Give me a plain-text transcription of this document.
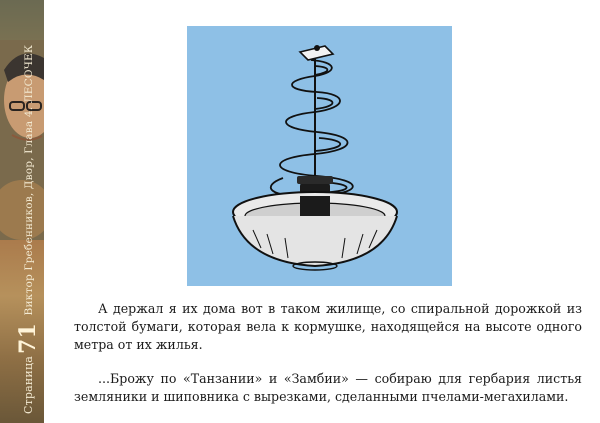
Страница71 Виктор Гребенников, Двор, Глава 4. ЛЕСОЧЕК	А держал я их дома вот в таком жилище, со спиральной дорожкой из толстой бумаги, которая вела к кормушке, находящейся на высоте одного метра от их жилья.

...Брожу по «Танзании» и «Замбии» — собираю для гербария листья земляники и шиповника с вырезками, сделанными пчелами-мегахилами.
